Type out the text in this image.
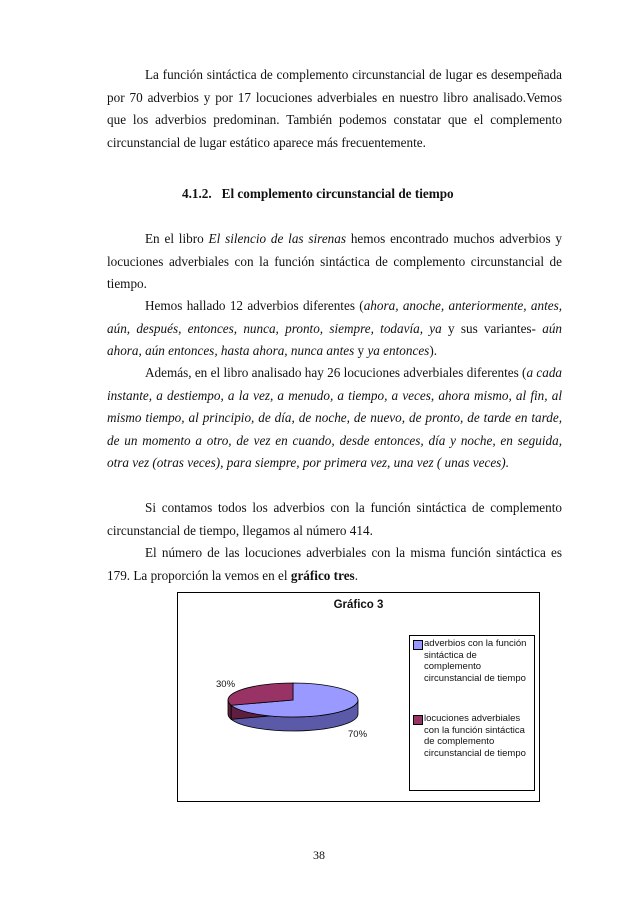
La función sintáctica de complemento circunstancial de lugar es desempeñada por 70 adverbios y por 17 locuciones adverbiales en nuestro libro analisado.Vemos que los adverbios predominan. También podemos constatar que el complemento circunstancial de lugar estático aparece más frecuentemente.

4.1.2. El complemento circunstancial de tiempo

En el libro El silencio de las sirenas hemos encontrado muchos adverbios y locuciones adverbiales con la función sintáctica de complemento circunstancial de tiempo.

Hemos hallado 12 adverbios diferentes (ahora, anoche, anteriormente, antes, aún, después, entonces, nunca, pronto, siempre, todavía, ya y sus variantes- aún ahora, aún entonces, hasta ahora, nunca antes y ya entonces).

Además, en el libro analisado hay 26 locuciones adverbiales diferentes (a cada instante, a destiempo, a la vez, a menudo, a tiempo, a veces, ahora mismo, al fin, al mismo tiempo, al principio, de día, de noche, de nuevo, de pronto, de tarde en tarde, de un momento a otro, de vez en cuando, desde entonces, día y noche, en seguida, otra vez (otras veces), para siempre, por primera vez, una vez ( unas veces).

Si contamos todos los adverbios con la función sintáctica de complemento circunstancial de tiempo, llegamos al número 414.

El número de las locuciones adverbiales con la misma función sintáctica es 179. La proporción la vemos en el gráfico tres.

Gráfico 3
30%
70%
adverbios con la función sintáctica de complemento circunstancial de tiempo
locuciones adverbiales con la función sintáctica de complemento circunstancial de tiempo
38
